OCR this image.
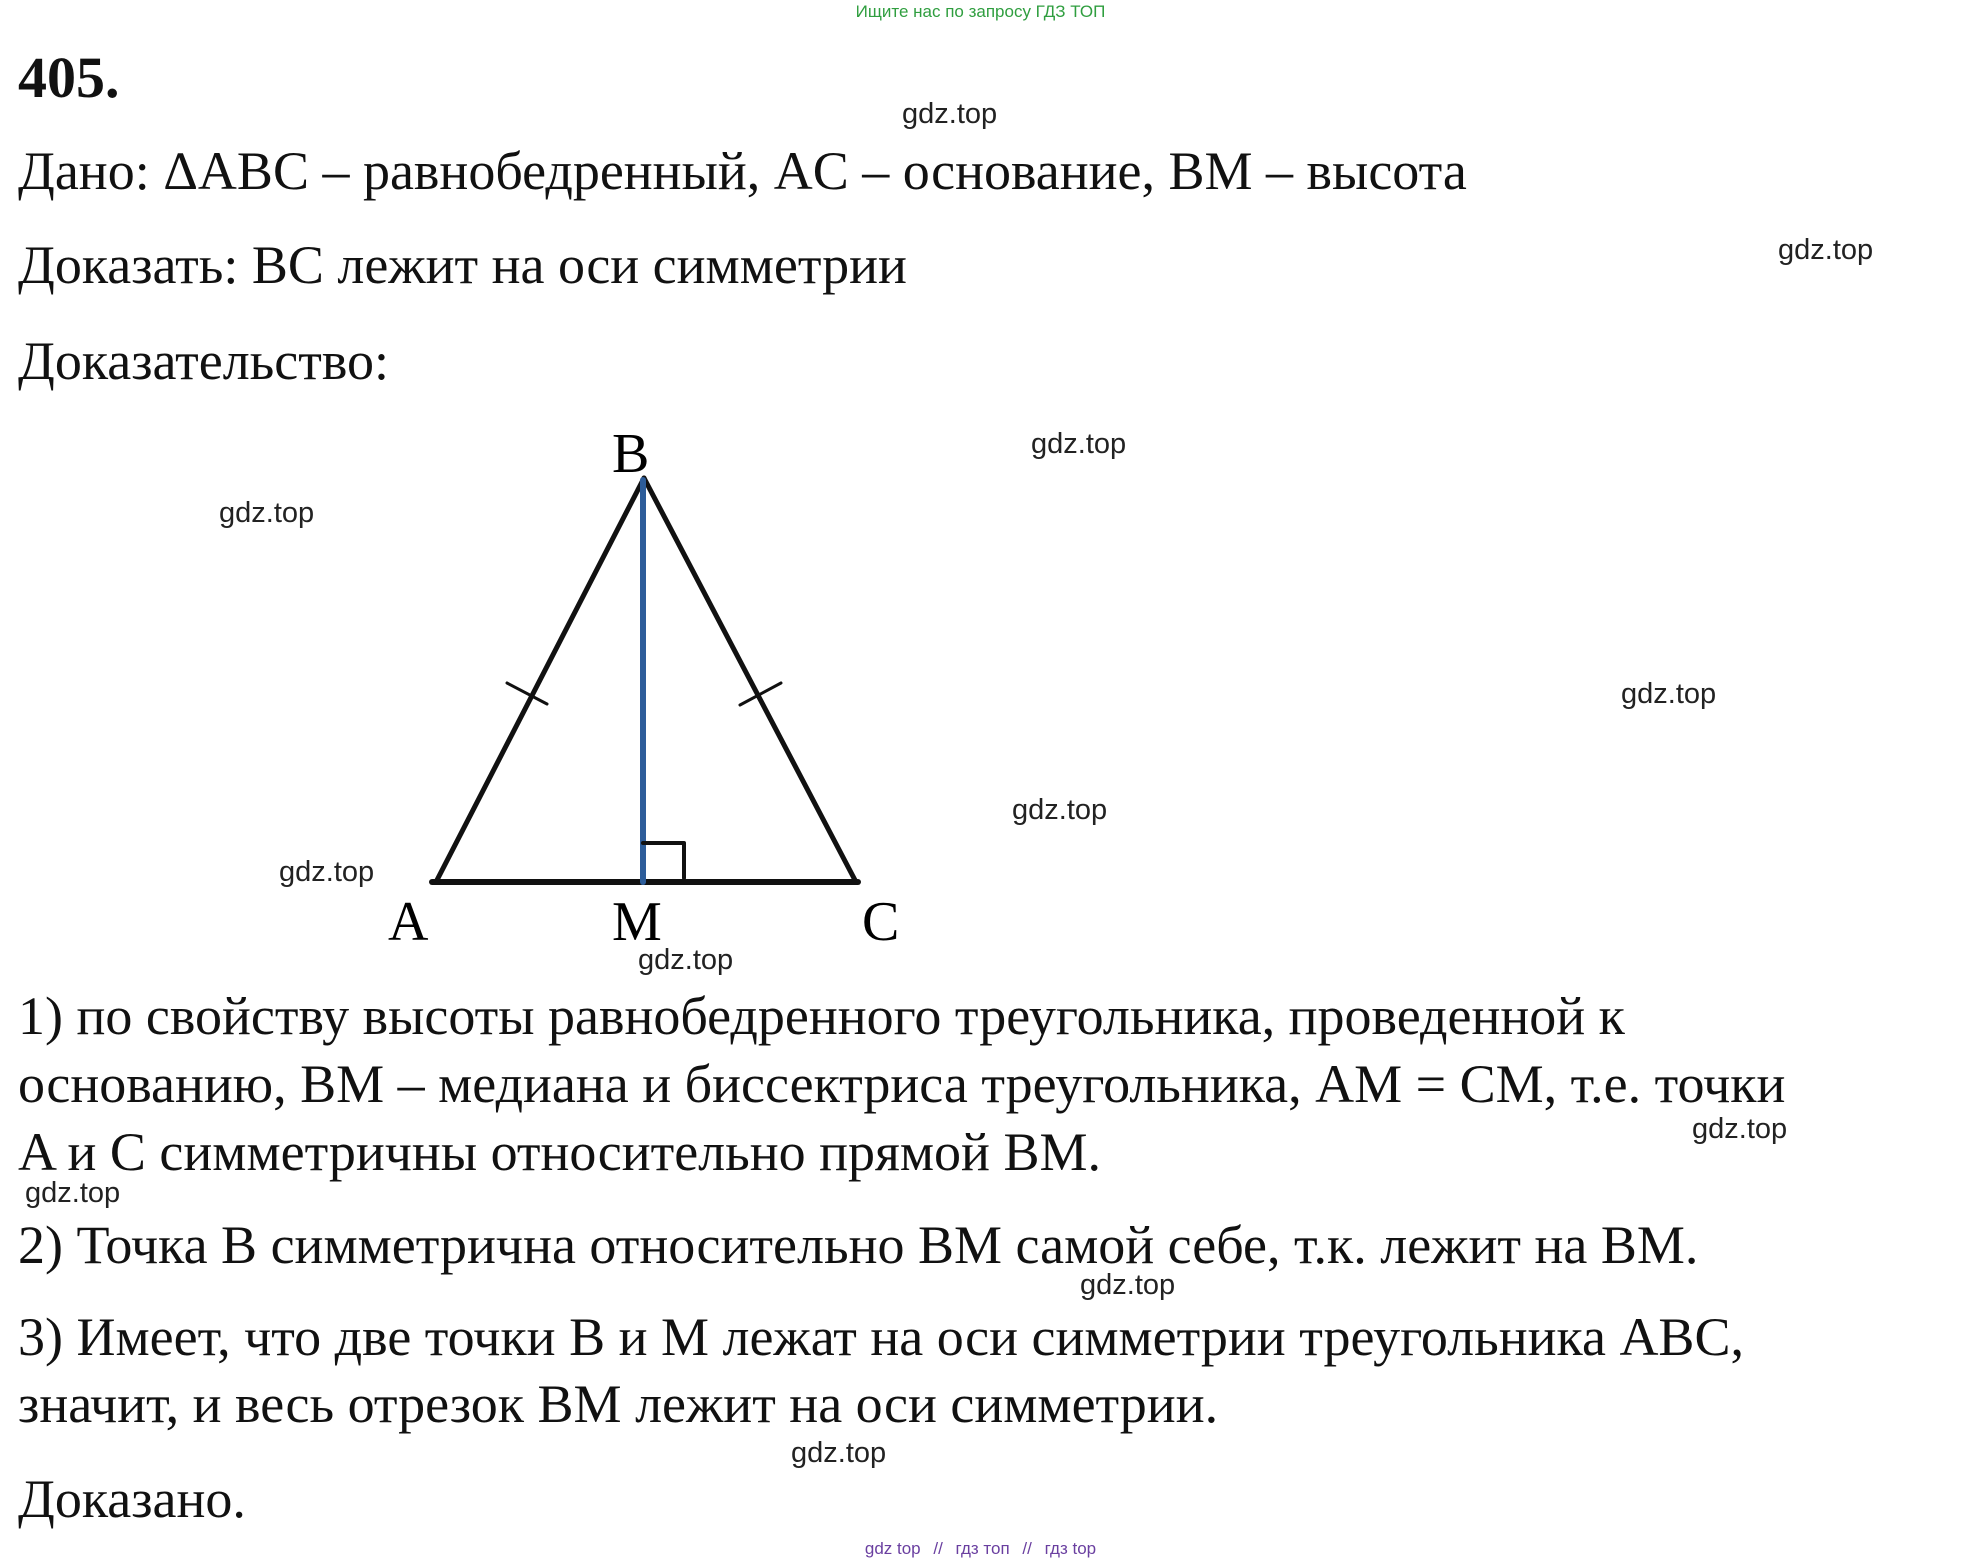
Ищите нас по запросу ГДЗ ТОП
405.
Дано: ΔABC – равнобедренный, AC – основание, BM – высота
Доказать: BC лежит на оси симметрии
Доказательство:
B
A	M	C
1) по свойству высоты равнобедренного треугольника, проведенной к
основанию, BM – медиана и биссектриса треугольника, AM = CM, т.е. точки
A и C симметричны относительно прямой BM.
2) Точка B симметрична относительно BM самой себе, т.к. лежит на BM.
3) Имеет, что две точки B и M лежат на оси симметрии треугольника ABC,
значит, и весь отрезок BM лежит на оси симметрии.
Доказано.
gdz.top
gdz.top
gdz.top
gdz.top
gdz.top
gdz.top
gdz.top
gdz.top
gdz.top
gdz.top
gdz.top
gdz.top
gdz top // гдз топ // гдз top
